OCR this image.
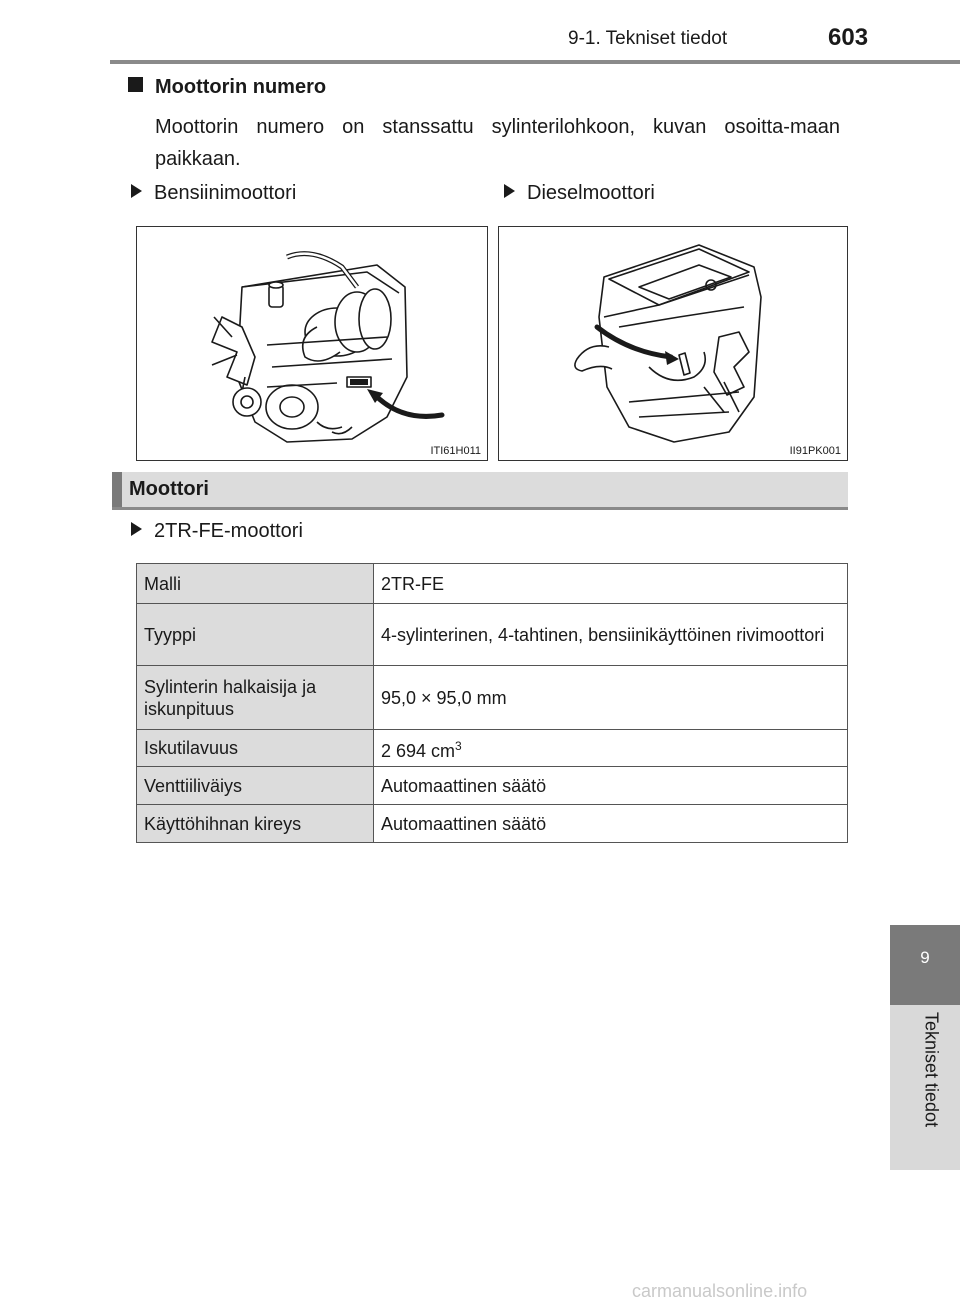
9-1. Tekniset tiedot	603
9
Tekniset tiedot
Moottorin numero
Moottorin numero on stanssattu sylinterilohkoon, kuvan osoitta-maan paikkaan.
Bensiinimoottori	Dieselmoottori
ITI61H011	II91PK001
Moottori
2TR-FE-moottori
Malli	2TR-FE
Tyyppi	4-sylinterinen, 4-tahtinen, bensiinikäyttöinen rivimoottori
Sylinterin halkaisija ja iskunpituus	95,0 × 95,0 mm
Iskutilavuus	2 694 $cm^3$
Venttiiliväiys	Automaattinen säätö
Käyttöhihnan kireys	Automaattinen säätö
carmanualsonline.info
